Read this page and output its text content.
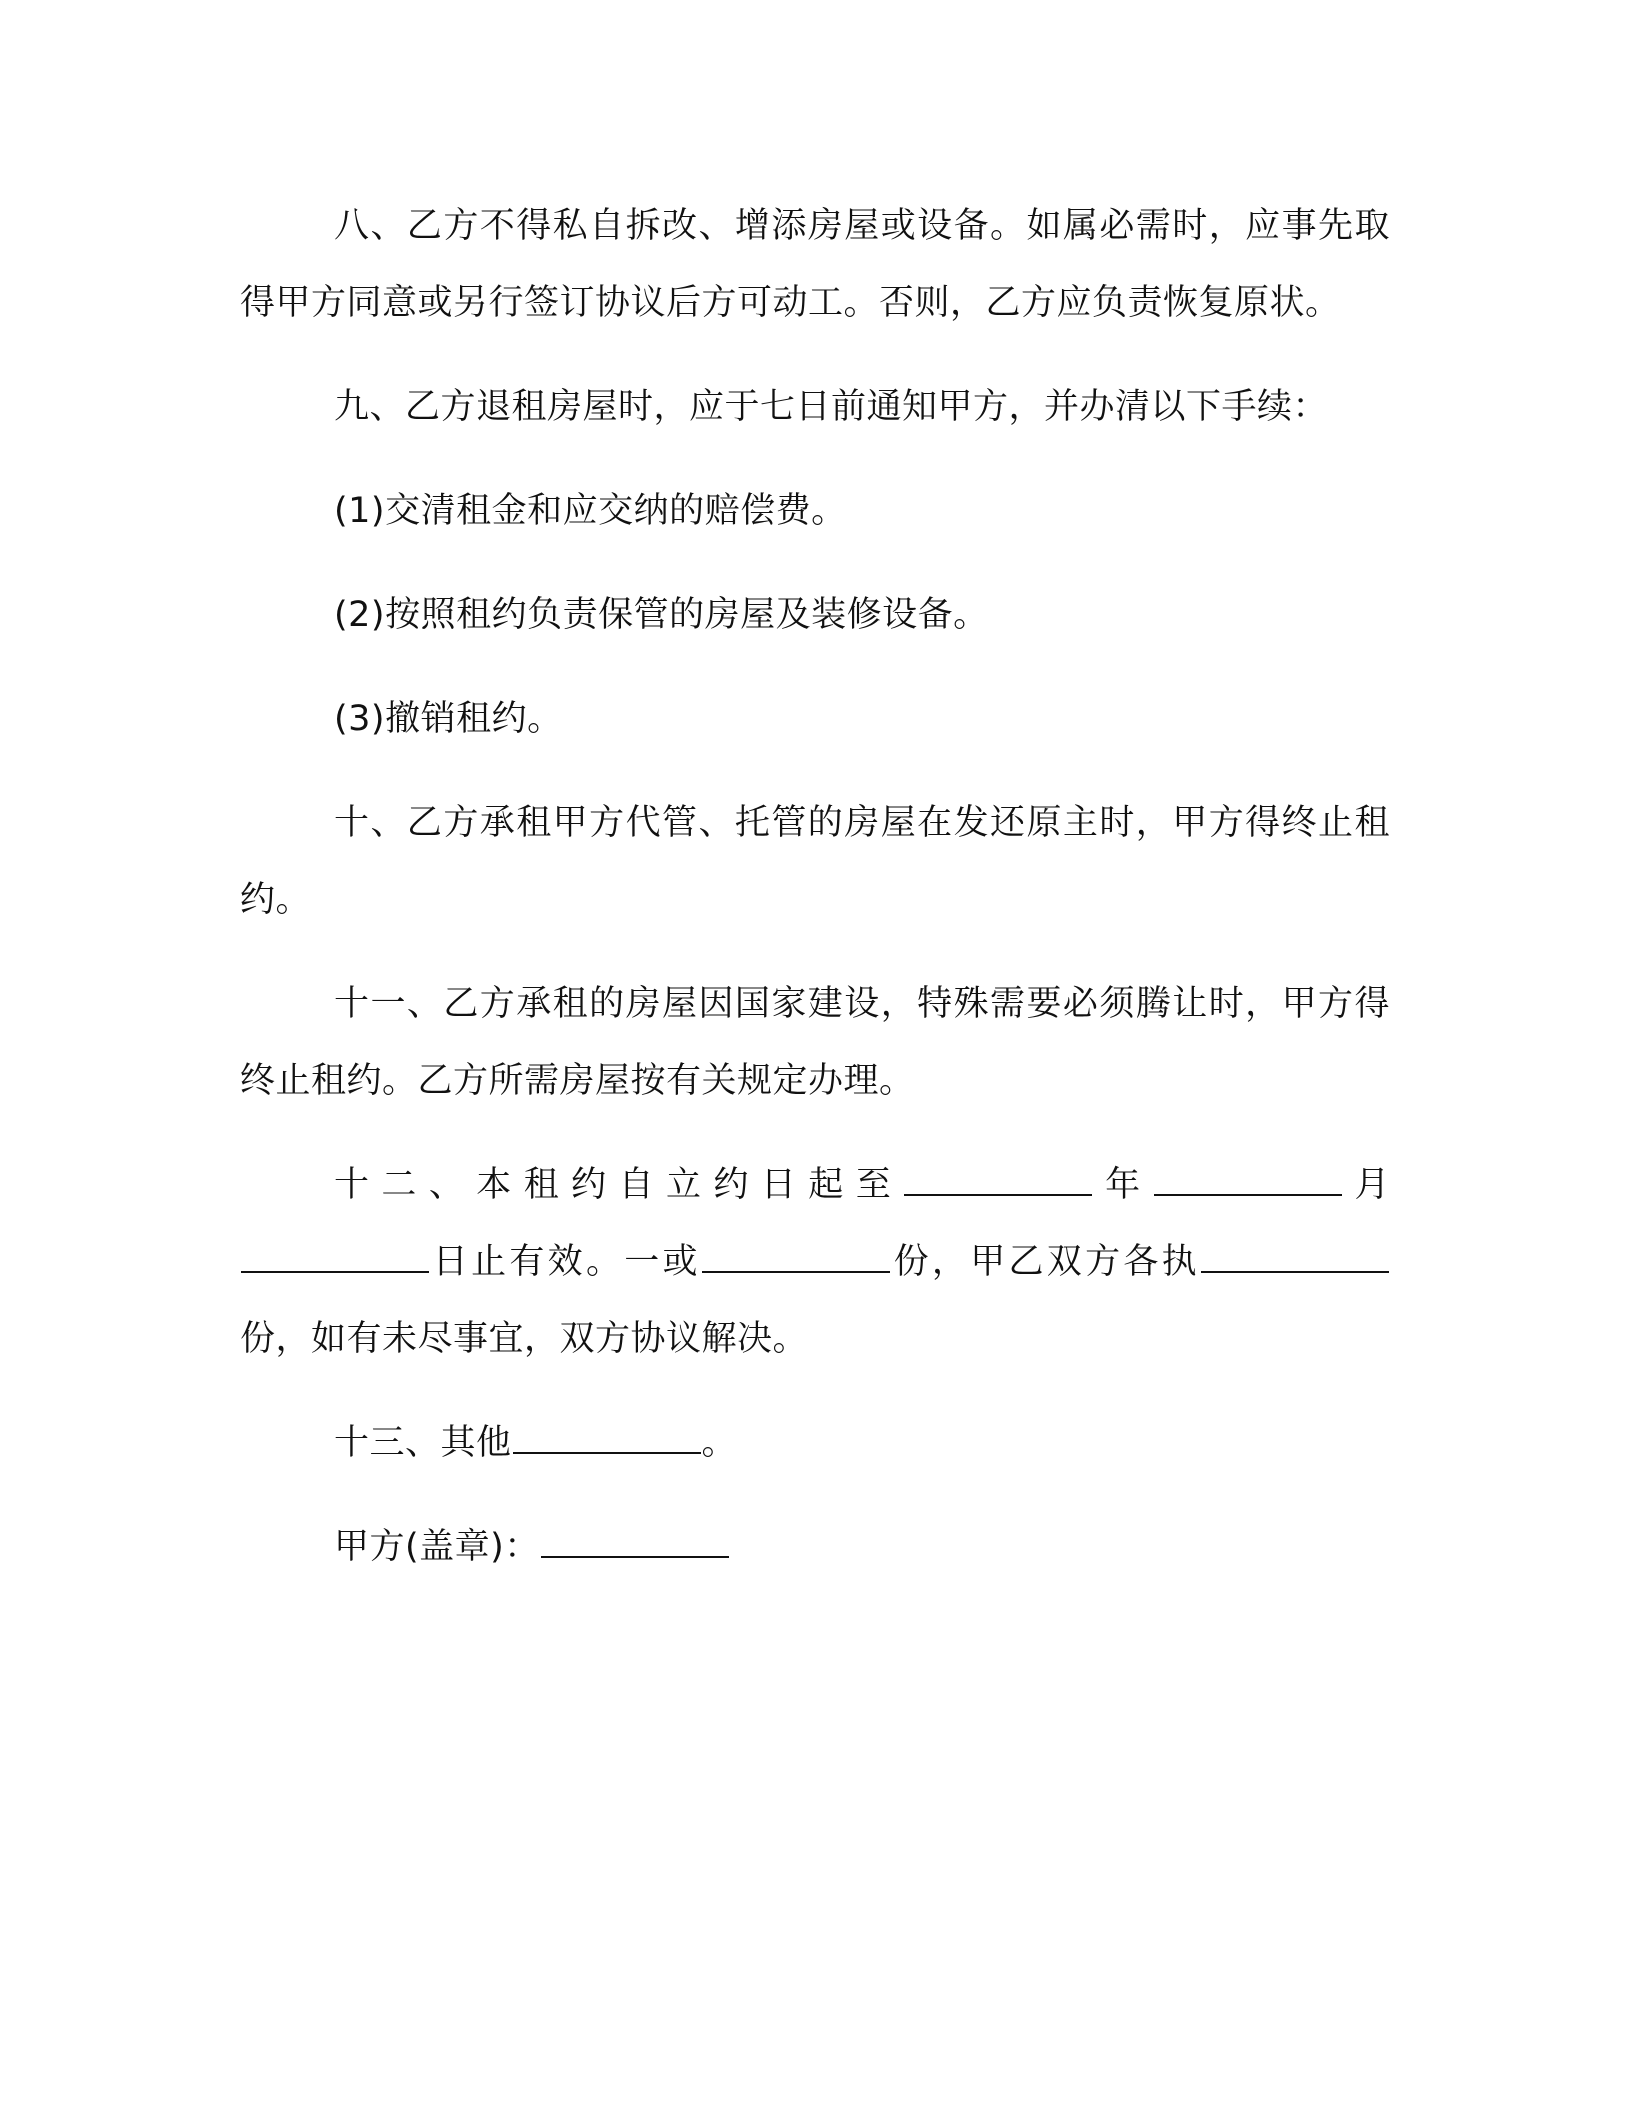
八、乙方不得私自拆改、增添房屋或设备。如属必需时，应事先取得甲方同意或另行签订协议后方可动工。否则，乙方应负责恢复原状。

九、乙方退租房屋时，应于七日前通知甲方，并办清以下手续：

(1)交清租金和应交纳的赔偿费。

(2)按照租约负责保管的房屋及装修设备。

(3)撤销租约。

十、乙方承租甲方代管、托管的房屋在发还原主时，甲方得终止租约。

十一、乙方承租的房屋因国家建设，特殊需要必须腾让时，甲方得终止租约。乙方所需房屋按有关规定办理。

十二、本租约自立约日起至	年	月 日止有效。一或	份，甲乙双方各执份，如有未尽事宜，双方协议解决。

十三、其他	。

甲方(盖章)：
